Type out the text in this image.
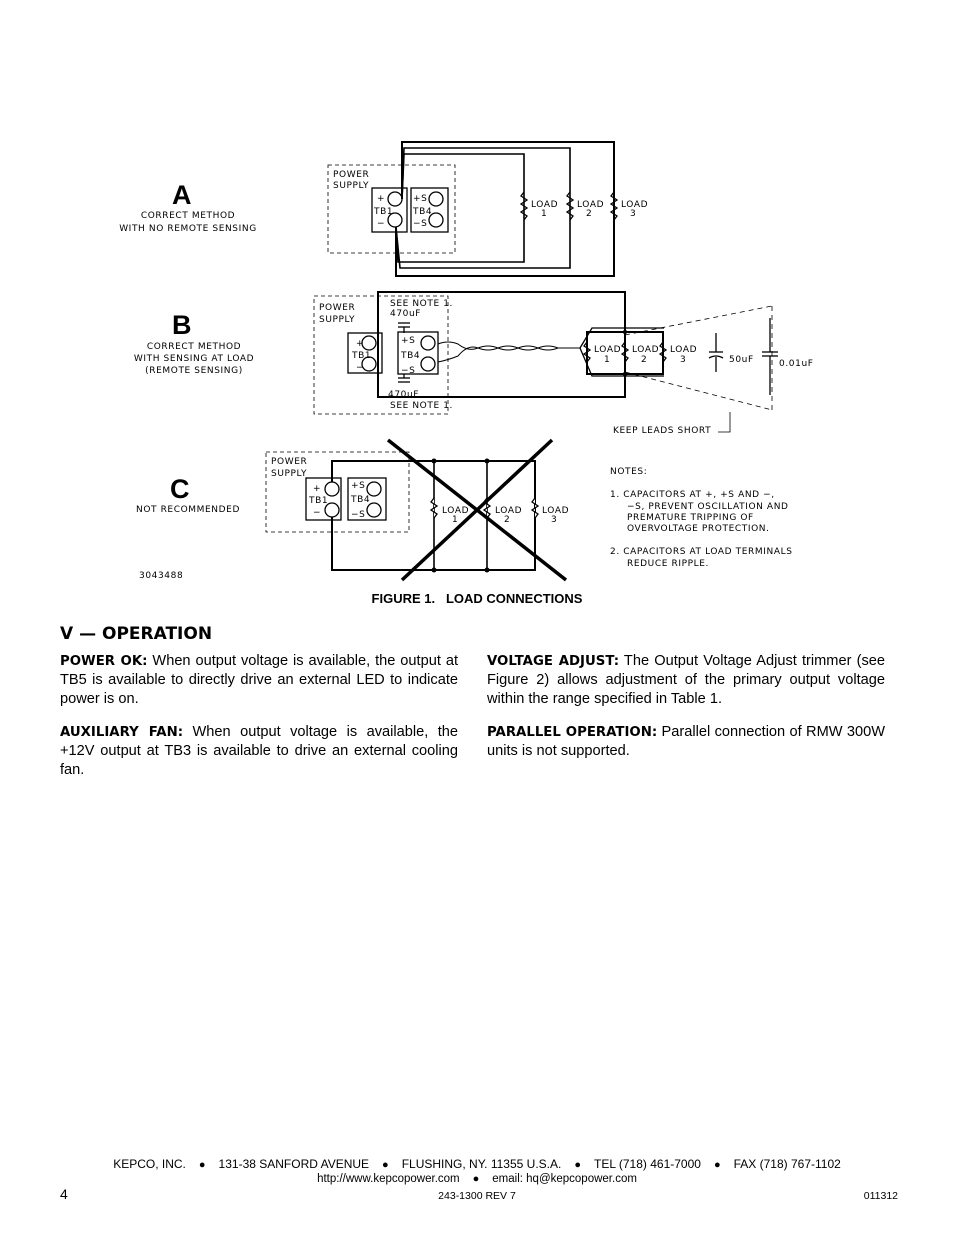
A
CORRECT METHOD
WITH NO REMOTE SENSING
POWER
SUPPLY
+
TB1
−
+S
TB4
−S
LOAD
1
LOAD
2
LOAD
3
B
CORRECT METHOD
WITH SENSING AT LOAD
(REMOTE SENSING)
POWER
SUPPLY
SEE NOTE 1.
470uF
+
TB1
−
+S
TB4
−S
470uF
SEE NOTE 1.
LOAD
1
LOAD
2
LOAD
3	50uF	0.01uF
KEEP LEADS SHORT
C
NOT RECOMMENDED
POWER
SUPPLY
+
TB1
−
+S
TB4
−S	LOAD
1
LOAD
2
LOAD
3
NOTES:
1. CAPACITORS AT +, +S AND −,
−S, PREVENT OSCILLATION AND
PREMATURE TRIPPING OF
OVERVOLTAGE PROTECTION.
2. CAPACITORS AT LOAD TERMINALS
REDUCE RIPPLE.
3043488
FIGURE 1.   LOAD CONNECTIONS
V — OPERATION
POWER OK: When output voltage is available, the output at TB5 is available to directly drive an external LED to indicate power is on.
AUXILIARY FAN: When output voltage is available, the +12V output at TB3 is available to drive an external cooling fan.
VOLTAGE ADJUST: The Output Voltage Adjust trimmer (see Figure 2) allows adjustment of the primary output voltage within the range specified in Table 1.
PARALLEL OPERATION: Parallel connection of RMW 300W units is not supported.
KEPCO, INC. ● 131-38 SANFORD AVENUE ● FLUSHING, NY. 11355 U.S.A. ● TEL (718) 461-7000 ● FAX (718) 767-1102
http://www.kepcopower.com ● email: hq@kepcopower.com
4	243-1300 REV 7	011312
